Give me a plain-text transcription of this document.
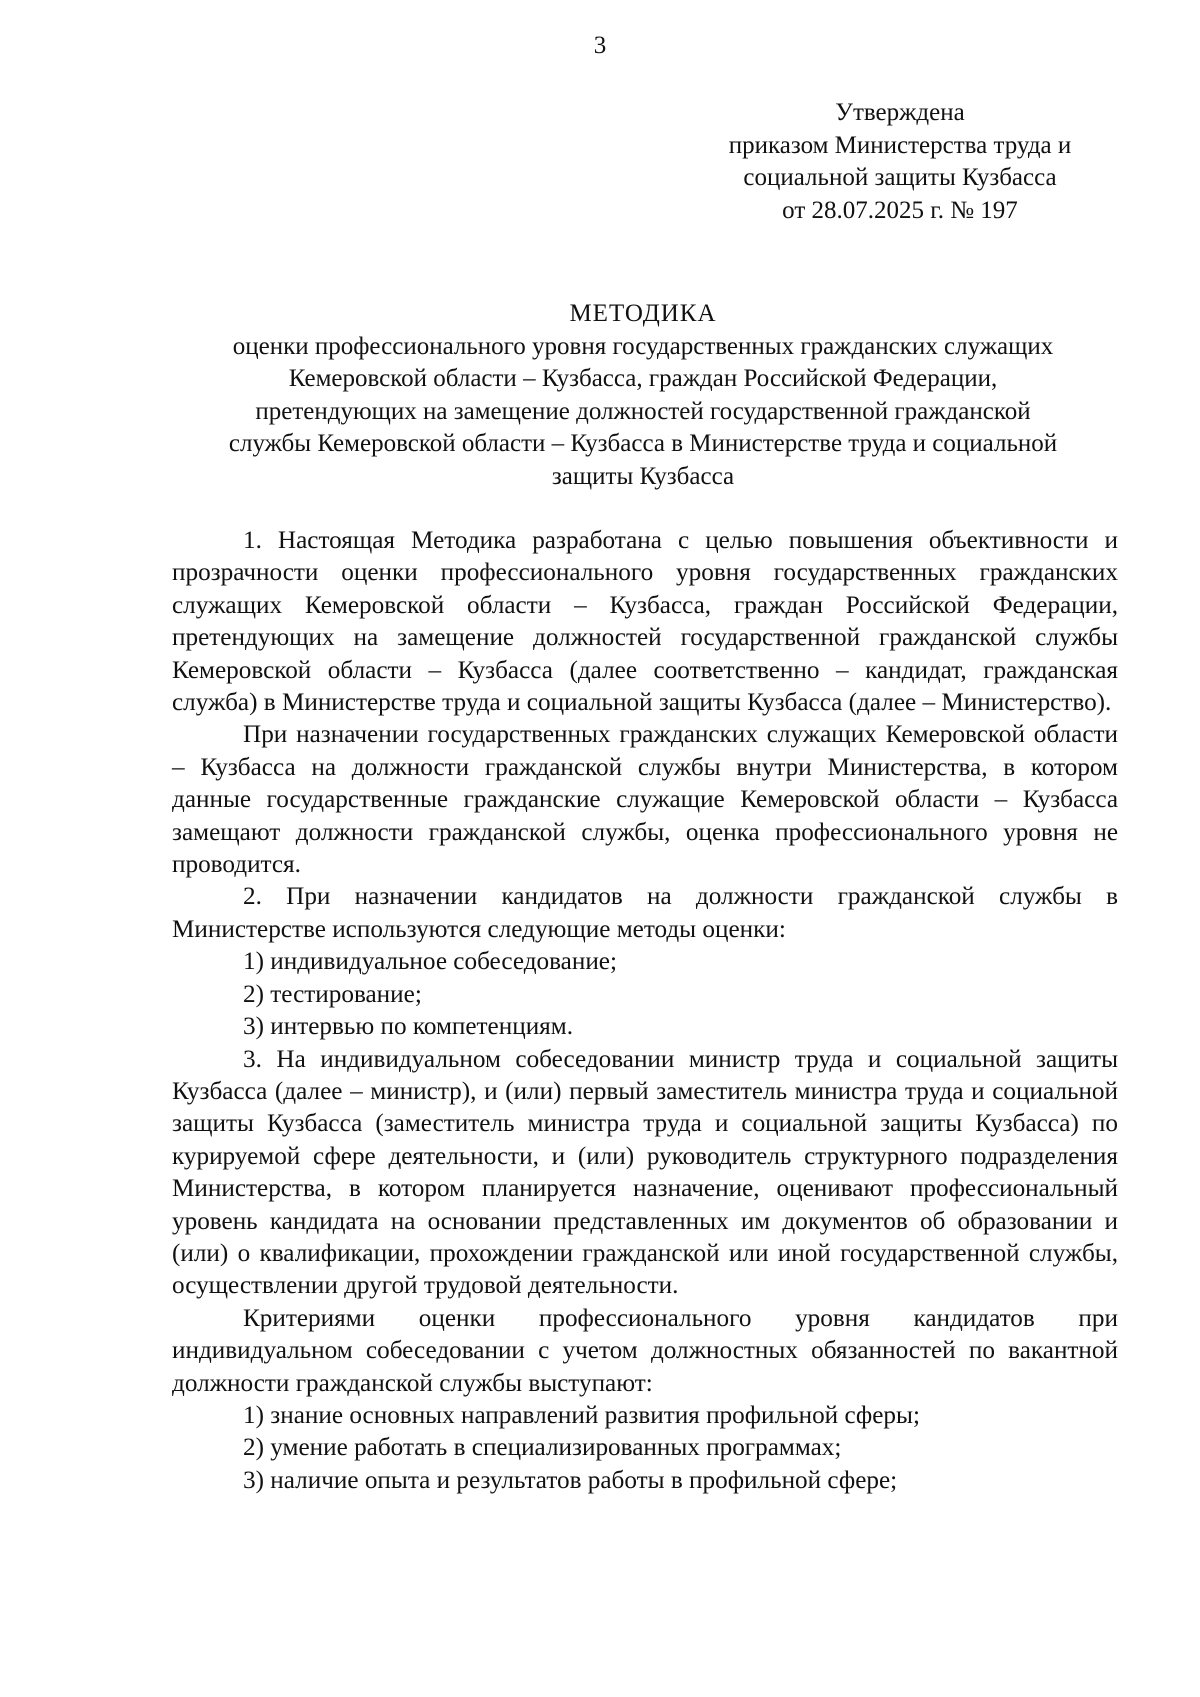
3
Утверждена
приказом Министерства труда и
социальной защиты Кузбасса
от 28.07.2025 г. № 197
МЕТОДИКА
оценки профессионального уровня государственных гражданских служащих
Кемеровской области – Кузбасса, граждан Российской Федерации,
претендующих на замещение должностей государственной гражданской
службы Кемеровской области – Кузбасса в Министерстве труда и социальной
защиты Кузбасса

1. Настоящая Методика разработана с целью повышения объективности и прозрачности оценки профессионального уровня государственных гражданских служащих Кемеровской области – Кузбасса, граждан Российской Федерации, претендующих на замещение должностей государственной гражданской службы Кемеровской области – Кузбасса (далее соответственно – кандидат, гражданская служба) в Министерстве труда и социальной защиты Кузбасса (далее – Министерство).

При назначении государственных гражданских служащих Кемеровской области – Кузбасса на должности гражданской службы внутри Министерства, в котором данные государственные гражданские служащие Кемеровской области – Кузбасса замещают должности гражданской службы, оценка профессионального уровня не проводится.

2. При назначении кандидатов на должности гражданской службы в Министерстве используются следующие методы оценки:

1) индивидуальное собеседование;

2) тестирование;

3) интервью по компетенциям.

3. На индивидуальном собеседовании министр труда и социальной защиты Кузбасса (далее – министр), и (или) первый заместитель министра труда и социальной защиты Кузбасса (заместитель министра труда и социальной защиты Кузбасса) по курируемой сфере деятельности, и (или) руководитель структурного подразделения Министерства, в котором планируется назначение, оценивают профессиональный уровень кандидата на основании представленных им документов об образовании и (или) о квалификации, прохождении гражданской или иной государственной службы, осуществлении другой трудовой деятельности.

Критериями оценки профессионального уровня кандидатов при индивидуальном собеседовании с учетом должностных обязанностей по вакантной должности гражданской службы выступают:

1) знание основных направлений развития профильной сферы;

2) умение работать в специализированных программах;

3) наличие опыта и результатов работы в профильной сфере;
